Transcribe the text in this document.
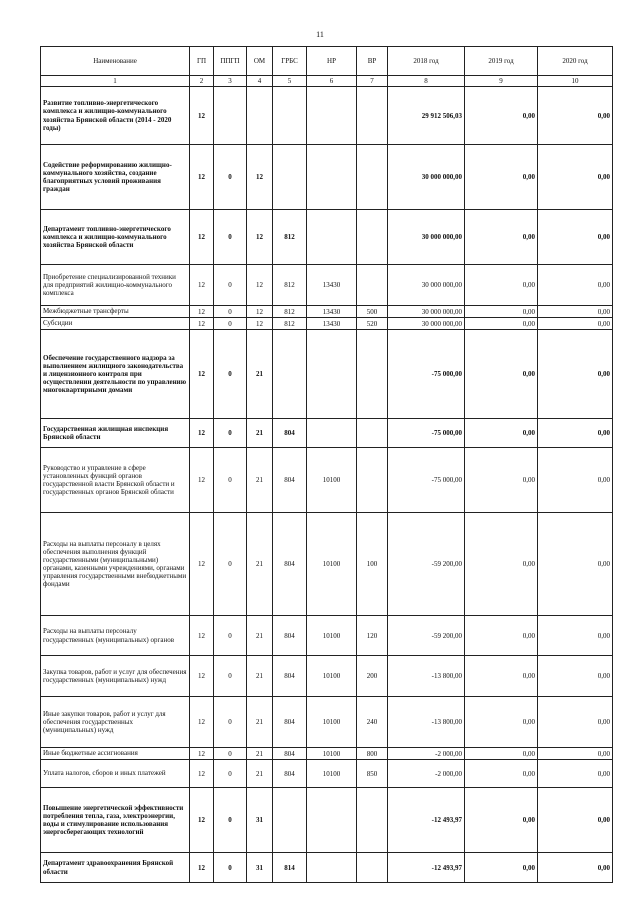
11
Наименование	ГП	ППГП	ОМ	ГРБС	НР	ВР	2018 год	2019 год	2020 год
1	2	3	4	5	6	7	8	9	10
Развитие топливно-энергетического комплекса и жилищно-коммунального хозяйства Брянской области (2014 - 2020 годы)	12						29 912 506,03	0,00	0,00
Содействие реформированию жилищно-коммунального хозяйства, создание благоприятных условий проживания граждан	12	0	12				30 000 000,00	0,00	0,00
Департамент топливно-энергетического комплекса и жилищно-коммунального хозяйства Брянской области	12	0	12	812			30 000 000,00	0,00	0,00
Приобретение специализированной техники для предприятий жилищно-коммунального комплекса	12	0	12	812	13430		30 000 000,00	0,00	0,00
Межбюджетные трансферты	12	0	12	812	13430	500	30 000 000,00	0,00	0,00
Субсидии	12	0	12	812	13430	520	30 000 000,00	0,00	0,00
Обеспечение государственного надзора за выполнением жилищного законодательства и лицензионного контроля при осуществлении деятельности по управлению многоквартирными домами	12	0	21				-75 000,00	0,00	0,00
Государственная жилищная инспекция Брянской области	12	0	21	804			-75 000,00	0,00	0,00
Руководство и управление в сфере установленных функций органов государственной власти Брянской области и государственных органов Брянской области	12	0	21	804	10100		-75 000,00	0,00	0,00
Расходы на выплаты персоналу в целях обеспечения выполнения функций государственными (муниципальными) органами, казенными учреждениями, органами управления государственными внебюджетными фондами	12	0	21	804	10100	100	-59 200,00	0,00	0,00
Расходы на выплаты персоналу государственных (муниципальных) органов	12	0	21	804	10100	120	-59 200,00	0,00	0,00
Закупка товаров, работ и услуг для обеспечения государственных (муниципальных) нужд	12	0	21	804	10100	200	-13 800,00	0,00	0,00
Иные закупки товаров, работ и услуг для обеспечения государственных (муниципальных) нужд	12	0	21	804	10100	240	-13 800,00	0,00	0,00
Иные бюджетные ассигнования	12	0	21	804	10100	800	-2 000,00	0,00	0,00
Уплата налогов, сборов и иных платежей	12	0	21	804	10100	850	-2 000,00	0,00	0,00
Повышение энергетической эффективности потребления тепла, газа, электроэнергии, воды и стимулирование использования энергосберегающих технологий	12	0	31				-12 493,97	0,00	0,00
Департамент здравоохранения Брянской области	12	0	31	814			-12 493,97	0,00	0,00
